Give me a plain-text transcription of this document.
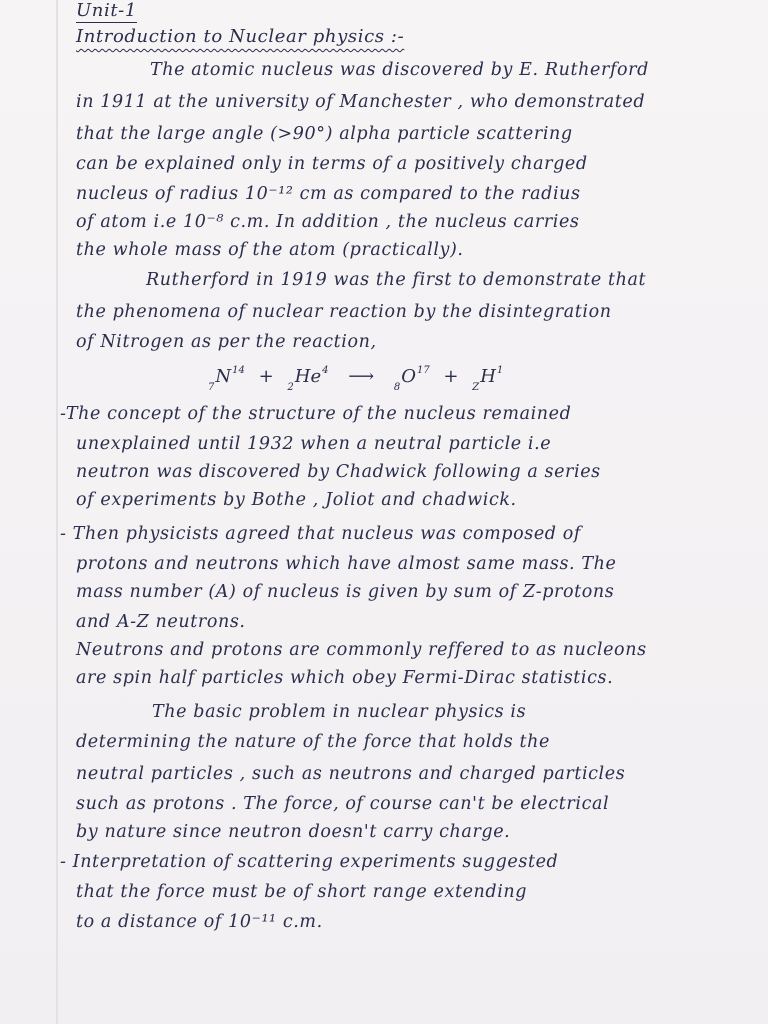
Unit-1
Introduction to Nuclear physics :-
The atomic nucleus was discovered by E. Rutherford
in 1911 at the university of Manchester , who demonstrated
that the large angle (>90°) alpha particle scattering
can be explained only in terms of a positively charged
nucleus of radius 10⁻¹² cm as compared to the radius
of atom i.e 10⁻⁸ c.m. In addition , the nucleus carries
the whole mass of the atom (practically).
Rutherford in 1919 was the first to demonstrate that
the phenomena of nuclear reaction by the disintegration
of Nitrogen as per the reaction,
$_7N^{14} + _2He^4$ ⟶ $_8O^{17} + _ZH^1$
-The concept of the structure of the nucleus remained
unexplained until 1932 when a neutral particle i.e
neutron was discovered by Chadwick following a series
of experiments by Bothe , Joliot and chadwick.
- Then physicists agreed that nucleus was composed of
protons and neutrons which have almost same mass. The
mass number (A) of nucleus is given by sum of Z-protons
and A-Z neutrons.
Neutrons and protons are commonly reffered to as nucleons
are spin half particles which obey Fermi-Dirac statistics.
The basic problem in nuclear physics is
determining the nature of the force that holds the
neutral particles , such as neutrons and charged particles
such as protons . The force, of course can't be electrical
by nature since neutron doesn't carry charge.
- Interpretation of scattering experiments suggested
that the force must be of short range extending
to a distance of 10⁻¹¹ c.m.
